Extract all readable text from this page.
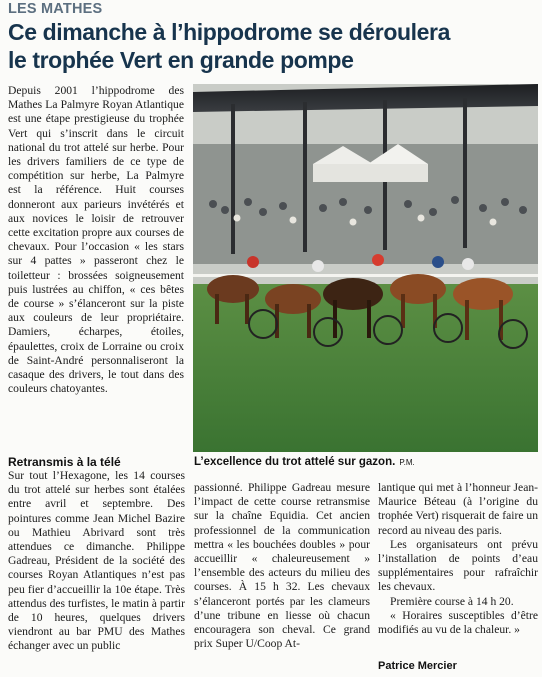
LES MATHES
Ce dimanche à l’hippodrome se déroulera
le trophée Vert en grande pompe

Depuis 2001 l’hippodrome des Mathes La Palmyre Royan Atlantique est une étape prestigieuse du trophée Vert qui s’inscrit dans le circuit national du trot attelé sur herbe. Pour les drivers familiers de ce type de compétition sur herbe, La Palmyre est la référence. Huit courses donneront aux parieurs invétérés et aux novices le loisir de retrouver cette excitation propre aux courses de chevaux. Pour l’occasion « les stars sur 4 pattes » passeront chez le toiletteur : brossées soigneusement puis lustrées au chiffon, « ces bêtes de course » s’élanceront sur la piste aux couleurs de leur propriétaire. Damiers, écharpes, étoiles, épaulettes, croix de Lorraine ou croix de Saint-André personnaliseront la casaque des drivers, le tout dans des couleurs chatoyantes.

L’excellence du trot attelé sur gazon. P.M.
Retransmis à la télé

Sur tout l’Hexagone, les 14 courses du trot attelé sur herbes sont étalées entre avril et septembre. Des pointures comme Jean Michel Bazire ou Mathieu Abrivard sont très attendues ce dimanche. Philippe Gadreau, Président de la société des courses Royan Atlantiques n’est pas peu fier d’accueillir la 10e étape. Très attendus des turfistes, le matin à partir de 10 heures, quelques drivers viendront au bar PMU des Mathes échanger avec un public

passionné. Philippe Gadreau mesure l’impact de cette course retransmise sur la chaîne Equidia. Cet ancien professionnel de la communication mettra « les bouchées doubles » pour accueillir « chaleureusement » l’ensemble des acteurs du milieu des courses. À 15 h 32. Les chevaux s’élanceront portés par les clameurs d’une tribune en liesse où chacun encouragera son cheval. Ce grand prix Super U/Coop At-

lantique qui met à l’honneur Jean-Maurice Béteau (à l’origine du trophée Vert) risquerait de faire un record au niveau des paris.

Les organisateurs ont prévu l’installation de points d’eau supplémentaires pour rafraîchir les chevaux.

Première course à 14 h 20.

« Horaires susceptibles d’être modifiés au vu de la chaleur. »

Patrice Mercier
